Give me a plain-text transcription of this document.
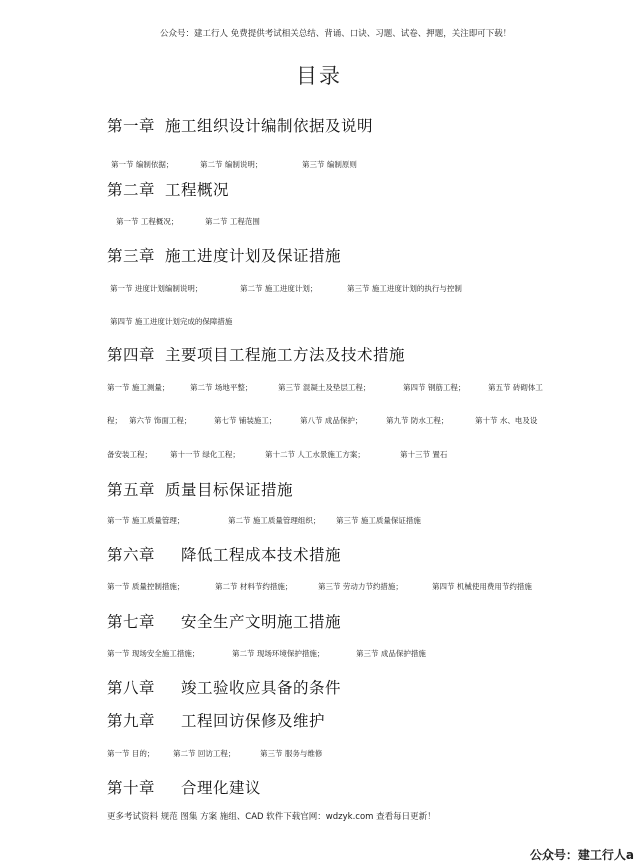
公众号：建工行人 免费提供考试相关总结、背诵、口诀、习题、试卷、押题，关注即可下载！
目录
第一章 施工组织设计编制依据及说明
第一节 编制依据；	第二节 编制说明；	第三节 编制原则
第二章 工程概况
第一节 工程概况；	第二节 工程范围
第三章 施工进度计划及保证措施
第一节 进度计划编制说明；	第二节 施工进度计划；	第三节 施工进度计划的执行与控制
第四节 施工进度计划完成的保障措施
第四章 主要项目工程施工方法及技术措施
第一节 施工测量；	第二节 场地平整；	第三节 混凝土及垫层工程；	第四节 钢筋工程；	第五节 砖砌体工
程； 第六节 饰面工程；	第七节 铺装施工；	第八节 成品保护；	第九节 防水工程；	第十节 水、电及设
备安装工程； 第十一节 绿化工程；	第十二节 人工水景施工方案；	第十三节 置石
第五章 质量目标保证措施
第一节 施工质量管理；	第二节 施工质量管理组织； 第三节 施工质量保证措施
第六章 降低工程成本技术措施
第一节 质量控制措施；	第二节 材料节约措施；	第三节 劳动力节约措施；	第四节 机械使用费用节约措施
第七章 安全生产文明施工措施
第一节 现场安全施工措施；	第二节 现场环境保护措施；	第三节 成品保护措施
第八章 竣工验收应具备的条件
第九章 工程回访保修及维护
第一节 目的； 第二节 回访工程；	第三节 服务与维修
第十章 合理化建议
更多考试资料 规范 图集 方案 施组、CAD 软件下载官网：wdzyk.com 查看每日更新！
公众号：建工行人a
